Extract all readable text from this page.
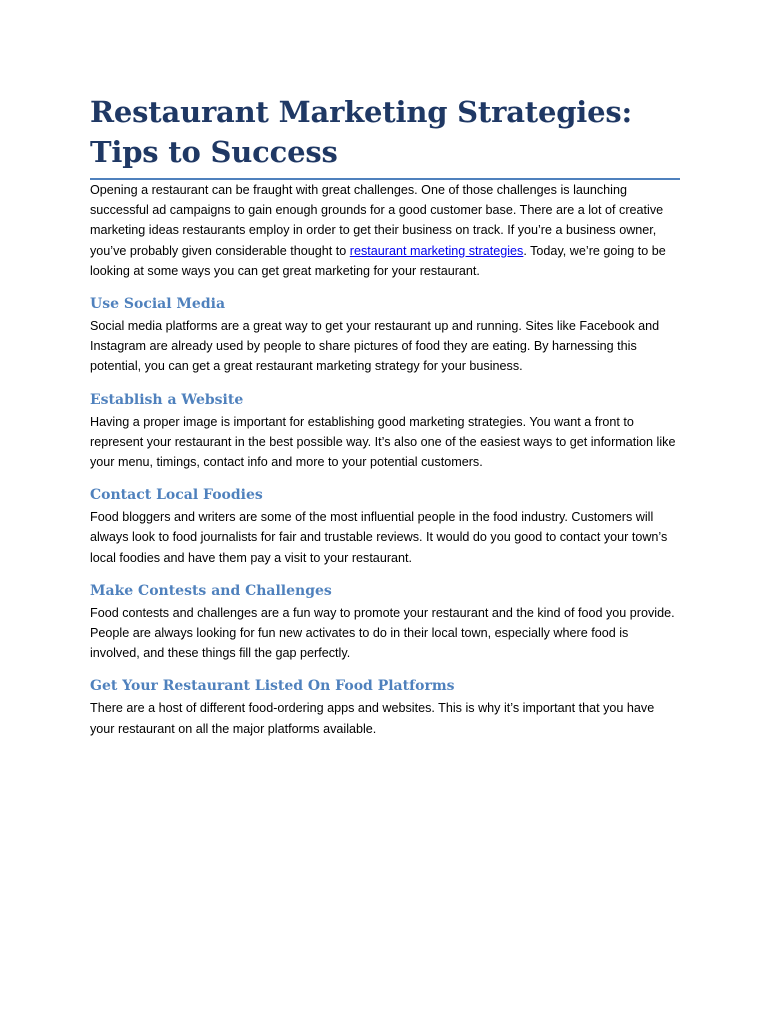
Restaurant Marketing Strategies: Tips to Success

Opening a restaurant can be fraught with great challenges. One of those challenges is launching successful ad campaigns to gain enough grounds for a good customer base. There are a lot of creative marketing ideas restaurants employ in order to get their business on track. If you’re a business owner, you’ve probably given considerable thought to restaurant marketing strategies. Today, we’re going to be looking at some ways you can get great marketing for your restaurant.

Use Social Media

Social media platforms are a great way to get your restaurant up and running. Sites like Facebook and Instagram are already used by people to share pictures of food they are eating. By harnessing this potential, you can get a great restaurant marketing strategy for your business.

Establish a Website

Having a proper image is important for establishing good marketing strategies. You want a front to represent your restaurant in the best possible way. It’s also one of the easiest ways to get information like your menu, timings, contact info and more to your potential customers.

Contact Local Foodies

Food bloggers and writers are some of the most influential people in the food industry. Customers will always look to food journalists for fair and trustable reviews. It would do you good to contact your town’s local foodies and have them pay a visit to your restaurant.

Make Contests and Challenges

Food contests and challenges are a fun way to promote your restaurant and the kind of food you provide. People are always looking for fun new activates to do in their local town, especially where food is involved, and these things fill the gap perfectly.

Get Your Restaurant Listed On Food Platforms

There are a host of different food-ordering apps and websites. This is why it’s important that you have your restaurant on all the major platforms available.
